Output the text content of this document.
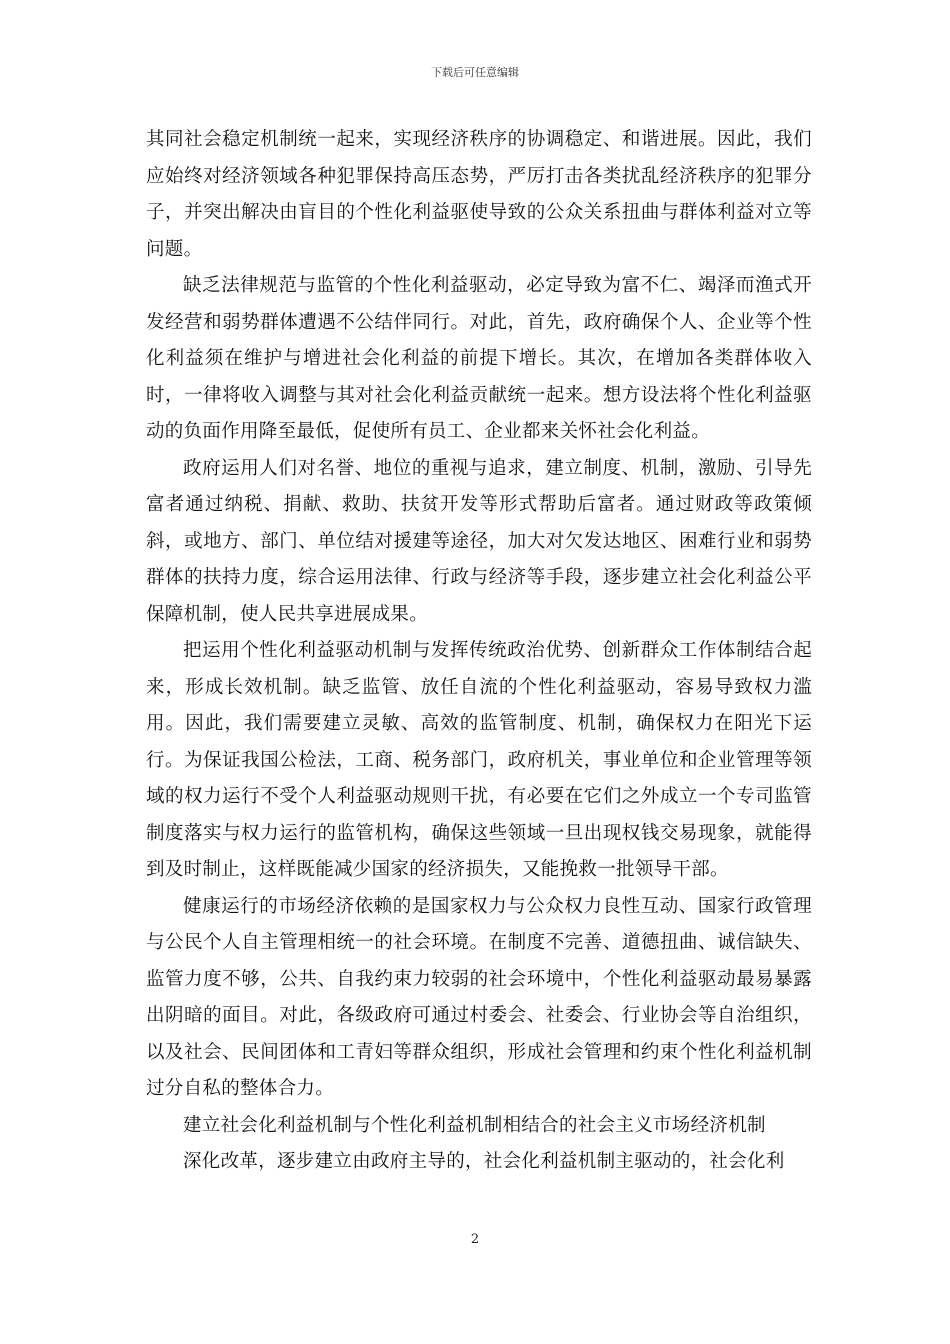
下载后可任意编辑

其同社会稳定机制统一起来，实现经济秩序的协调稳定、和谐进展。因此，我们应始终对经济领域各种犯罪保持高压态势，严厉打击各类扰乱经济秩序的犯罪分子，并突出解决由盲目的个性化利益驱使导致的公众关系扭曲与群体利益对立等问题。

缺乏法律规范与监管的个性化利益驱动，必定导致为富不仁、竭泽而渔式开发经营和弱势群体遭遇不公结伴同行。对此，首先，政府确保个人、企业等个性化利益须在维护与增进社会化利益的前提下增长。其次，在增加各类群体收入时，一律将收入调整与其对社会化利益贡献统一起来。想方设法将个性化利益驱动的负面作用降至最低，促使所有员工、企业都来关怀社会化利益。

政府运用人们对名誉、地位的重视与追求，建立制度、机制，激励、引导先富者通过纳税、捐献、救助、扶贫开发等形式帮助后富者。通过财政等政策倾斜，或地方、部门、单位结对援建等途径，加大对欠发达地区、困难行业和弱势群体的扶持力度，综合运用法律、行政与经济等手段，逐步建立社会化利益公平保障机制，使人民共享进展成果。

把运用个性化利益驱动机制与发挥传统政治优势、创新群众工作体制结合起来，形成长效机制。缺乏监管、放任自流的个性化利益驱动，容易导致权力滥用。因此，我们需要建立灵敏、高效的监管制度、机制，确保权力在阳光下运行。为保证我国公检法，工商、税务部门，政府机关，事业单位和企业管理等领域的权力运行不受个人利益驱动规则干扰，有必要在它们之外成立一个专司监管制度落实与权力运行的监管机构，确保这些领域一旦出现权钱交易现象，就能得到及时制止，这样既能减少国家的经济损失，又能挽救一批领导干部。

健康运行的市场经济依赖的是国家权力与公众权力良性互动、国家行政管理与公民个人自主管理相统一的社会环境。在制度不完善、道德扭曲、诚信缺失、监管力度不够，公共、自我约束力较弱的社会环境中，个性化利益驱动最易暴露出阴暗的面目。对此，各级政府可通过村委会、社委会、行业协会等自治组织，以及社会、民间团体和工青妇等群众组织，形成社会管理和约束个性化利益机制过分自私的整体合力。

建立社会化利益机制与个性化利益机制相结合的社会主义市场经济机制

深化改革，逐步建立由政府主导的，社会化利益机制主驱动的，社会化利

2
